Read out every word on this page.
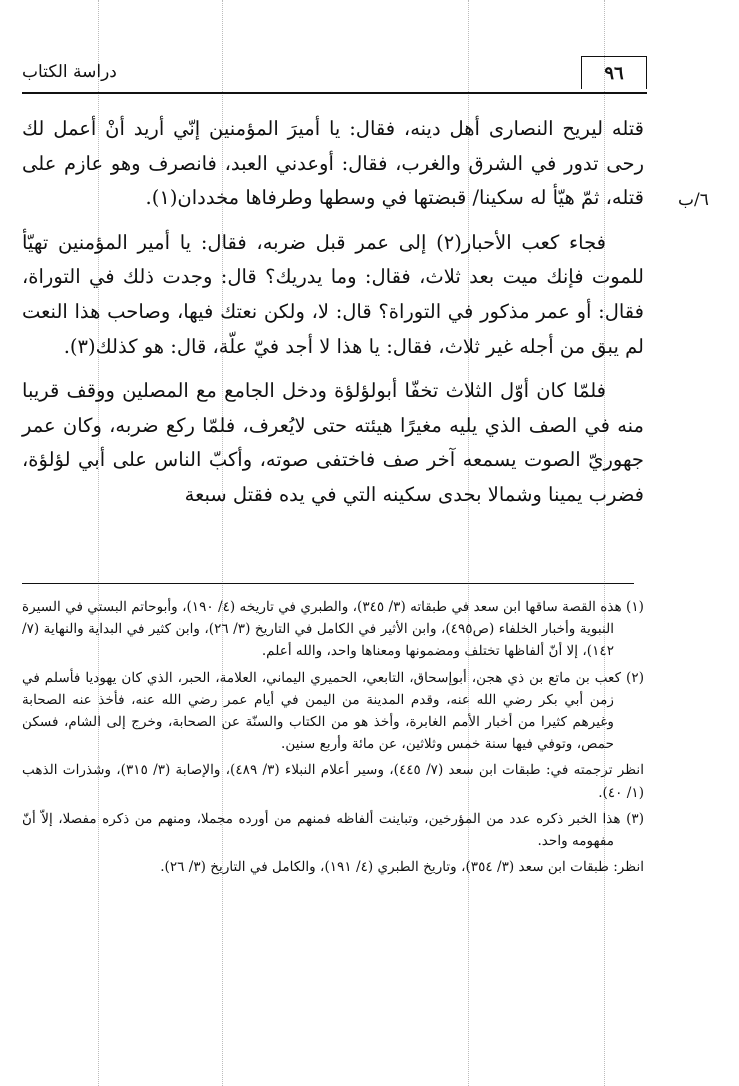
دراسة الكتاب	٩٦
٦/ب

قتله ليريح النصارى أهل دينه، فقال: يا أميرَ المؤمنين إنّي أريد أنْ أعمل لك رحى تدور في الشرق والغرب، فقال: أوعدني العبد، فانصرف وهو عازم على قتله، ثمّ هيّأ له سكينا/ قبضتها في وسطها وطرفاها مخددان(١).

فجاء كعب الأحبار(٢) إلى عمر قبل ضربه، فقال: يا أمير المؤمنين تهيّأ للموت فإنك ميت بعد ثلاث، فقال: وما يدريك؟ قال: وجدت ذلك في التوراة، فقال: أو عمر مذكور في التوراة؟ قال: لا، ولكن نعتك فيها، وصاحب هذا النعت لم يبق من أجله غير ثلاث، فقال: يا هذا لا أجد فيّ علّة، قال: هو كذلك(٣).

فلمّا كان أوّل الثلاث تخفّا أبولؤلؤة ودخل الجامع مع المصلين ووقف قريبا منه في الصف الذي يليه مغيرًا هيئته حتى لايُعرف، فلمّا ركع ضربه، وكان عمر جهوريّ الصوت يسمعه آخر صف فاختفى صوته، وأكبّ الناس على أبي لؤلؤة، فضرب يمينا وشمالا بحدى سكينه التي في يده فقتل سبعة

(١) هذه القصة ساقها ابن سعد في طبقاته (٣/ ٣٤٥)، والطبري في تاريخه (٤/ ١٩٠)، وأبوحاتم البستي في السيرة النبوية وأخبار الخلفاء (ص٤٩٥)، وابن الأثير في الكامل في التاريخ (٣/ ٢٦)، وابن كثير في البداية والنهاية (٧/ ١٤٢)، إلا أنّ ألفاظها تختلف ومضمونها ومعناها واحد، والله أعلم.

(٢) كعب بن ماتع بن ذي هجن، أبوإسحاق، التابعي، الحميري اليماني، العلامة، الحبر، الذي كان يهوديا فأسلم في زمن أبي بكر رضي الله عنه، وقدم المدينة من اليمن في أيام عمر رضي الله عنه، فأخذ عنه الصحابة وغيرهم كثيرا من أخبار الأمم الغابرة، وأخذ هو من الكتاب والسنّة عن الصحابة، وخرج إلى الشام، فسكن حمص، وتوفي فيها سنة خمس وثلاثين، عن مائة وأربع سنين.

انظر ترجمته في: طبقات ابن سعد (٧/ ٤٤٥)، وسير أعلام النبلاء (٣/ ٤٨٩)، والإصابة (٣/ ٣١٥)، وشذرات الذهب (١/ ٤٠).

(٣) هذا الخبر ذكره عدد من المؤرخين، وتباينت ألفاظه فمنهم من أورده مجملا، ومنهم من ذكره مفصلا، إلاّ أنّ مفهومه واحد.

انظر: طبقات ابن سعد (٣/ ٣٥٤)، وتاريخ الطبري (٤/ ١٩١)، والكامل في التاريخ (٣/ ٢٦).
